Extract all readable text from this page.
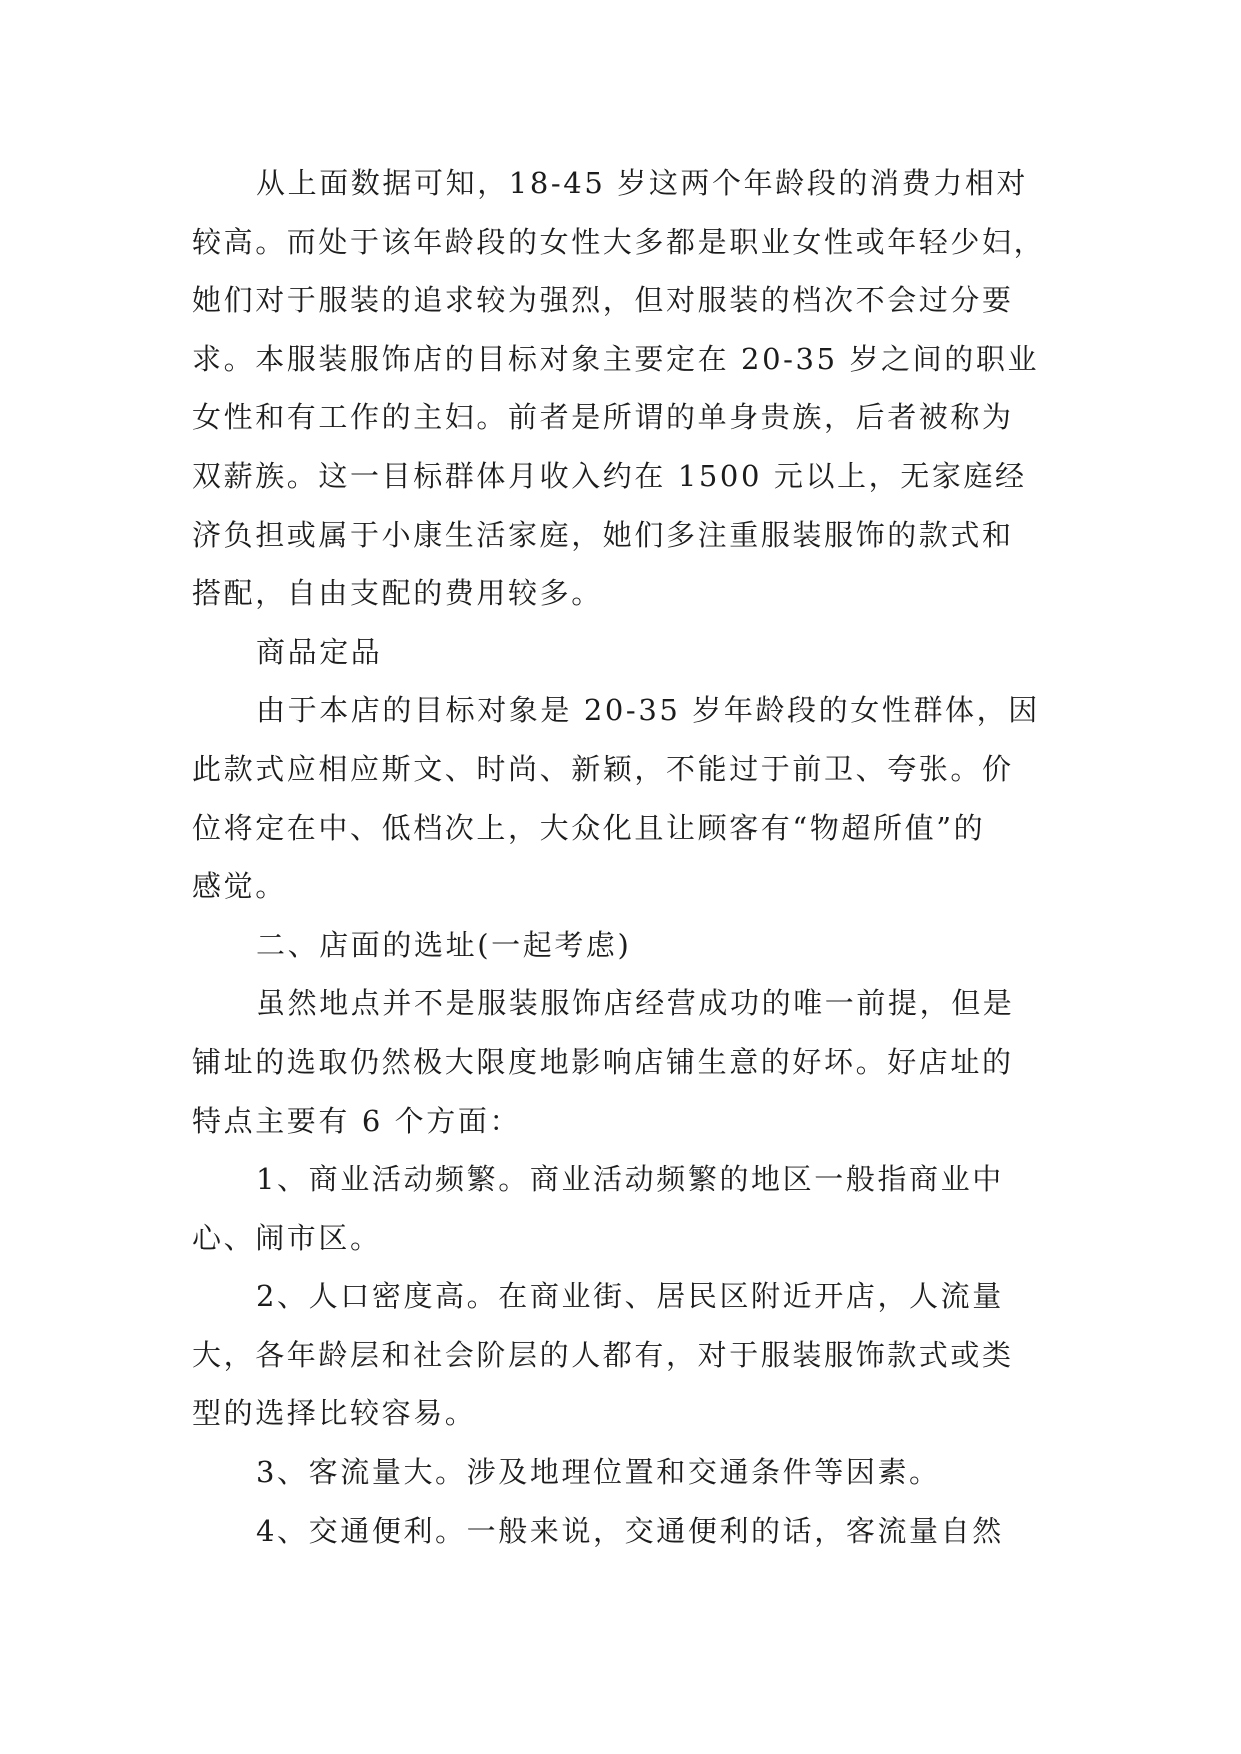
从上面数据可知，18-45 岁这两个年龄段的消费力相对
较高。而处于该年龄段的女性大多都是职业女性或年轻少妇，
她们对于服装的追求较为强烈，但对服装的档次不会过分要
求。本服装服饰店的目标对象主要定在 20-35 岁之间的职业
女性和有工作的主妇。前者是所谓的单身贵族，后者被称为
双薪族。这一目标群体月收入约在 1500 元以上，无家庭经
济负担或属于小康生活家庭，她们多注重服装服饰的款式和
搭配，自由支配的费用较多。
商品定品
由于本店的目标对象是 20-35 岁年龄段的女性群体，因
此款式应相应斯文、时尚、新颖，不能过于前卫、夸张。价
位将定在中、低档次上，大众化且让顾客有“物超所值”的
感觉。
二、店面的选址(一起考虑)
虽然地点并不是服装服饰店经营成功的唯一前提，但是
铺址的选取仍然极大限度地影响店铺生意的好坏。好店址的
特点主要有 6 个方面：
1、商业活动频繁。商业活动频繁的地区一般指商业中
心、闹市区。
2、人口密度高。在商业街、居民区附近开店，人流量
大，各年龄层和社会阶层的人都有，对于服装服饰款式或类
型的选择比较容易。
3、客流量大。涉及地理位置和交通条件等因素。
4、交通便利。一般来说，交通便利的话，客流量自然
